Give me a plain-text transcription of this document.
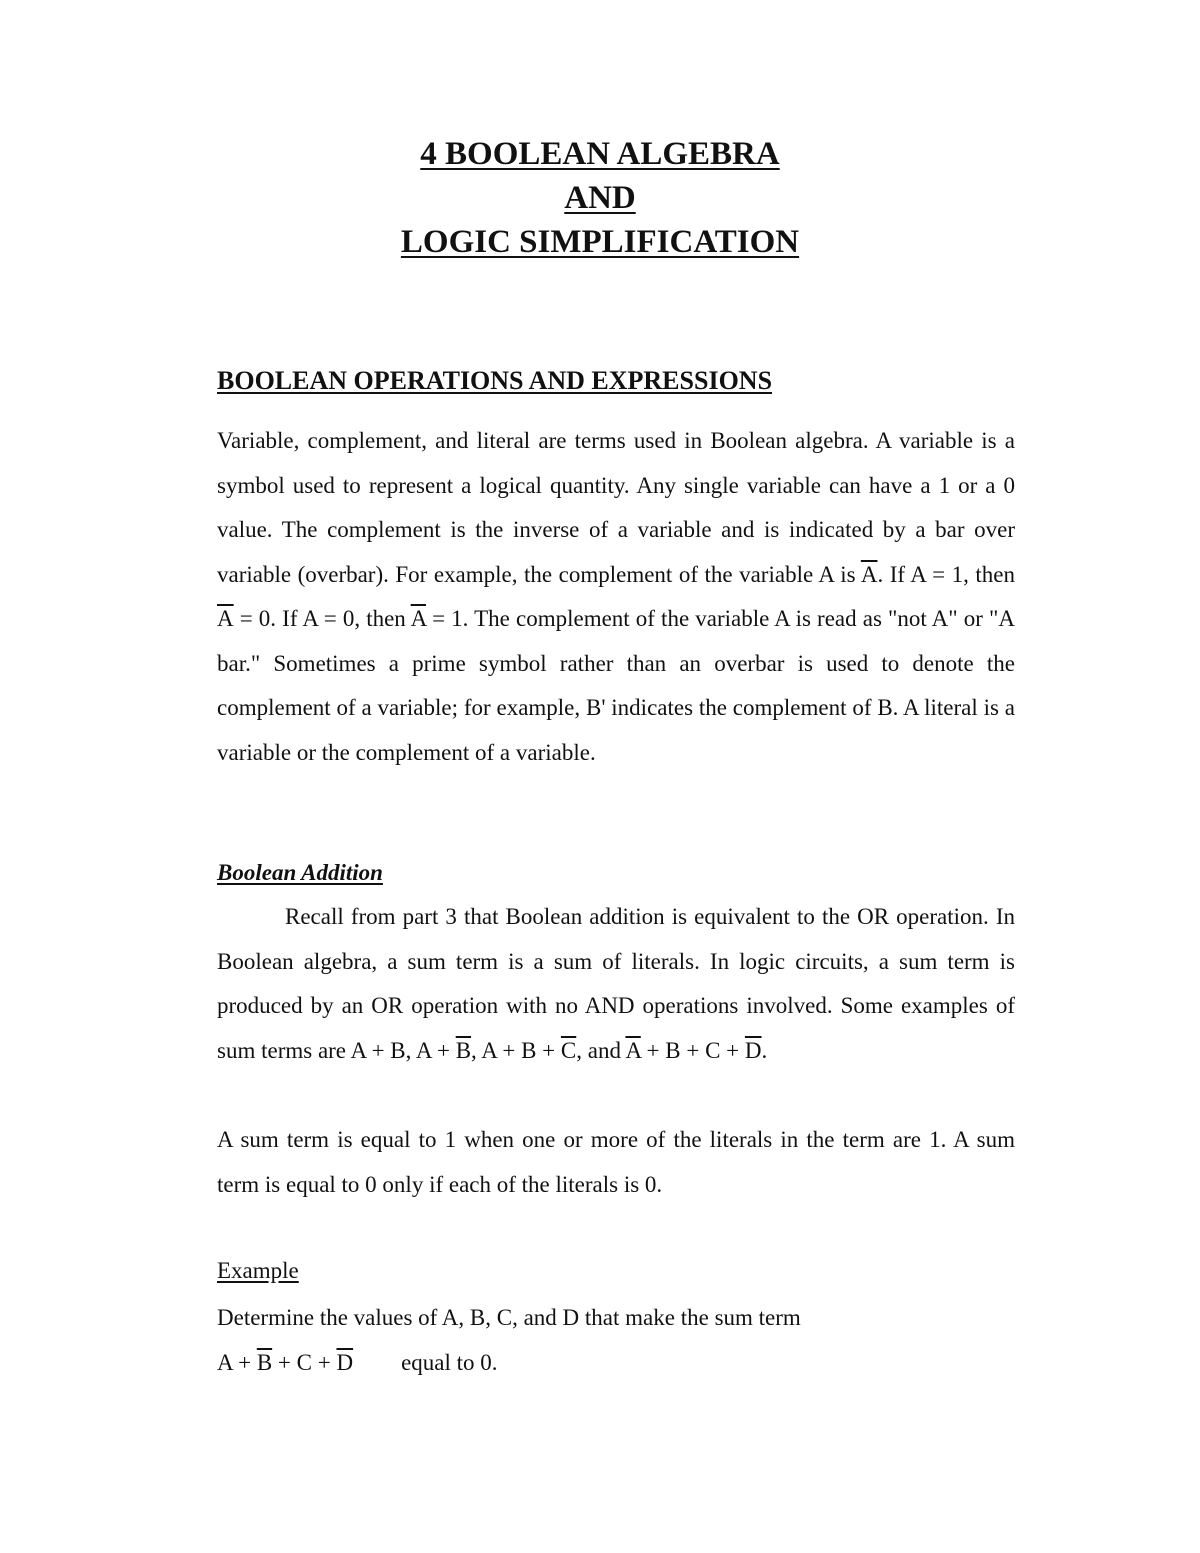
4 BOOLEAN ALGEBRA
AND
LOGIC SIMPLIFICATION
BOOLEAN OPERATIONS AND EXPRESSIONS
Variable, complement, and literal are terms used in Boolean algebra. A variable is a symbol used to represent a logical quantity. Any single variable can have a 1 or a 0 value. The complement is the inverse of a variable and is indicated by a bar over variable (overbar). For example, the complement of the variable A is $\overline{A}$. If A = 1, then $\overline{A} = 0$. If A = 0, then $\overline{A} = 1$. The complement of the variable A is read as "not A" or "A bar." Sometimes a prime symbol rather than an overbar is used to denote the complement of a variable; for example, B' indicates the complement of B. A literal is a variable or the complement of a variable.
Boolean Addition
Recall from part 3 that Boolean addition is equivalent to the OR operation. In Boolean algebra, a sum term is a sum of literals. In logic circuits, a sum term is produced by an OR operation with no AND operations involved. Some examples of sum terms are A + B, $A + \overline{B}$, $A + B + \overline{C}$, and $\overline{A} + B + C + \overline{D}$.
A sum term is equal to 1 when one or more of the literals in the term are 1. A sum term is equal to 0 only if each of the literals is 0.
Example
Determine the values of A, B, C, and D that make the sum term
$A + \overline{B} + C + \overline{D}$ equal to 0.
